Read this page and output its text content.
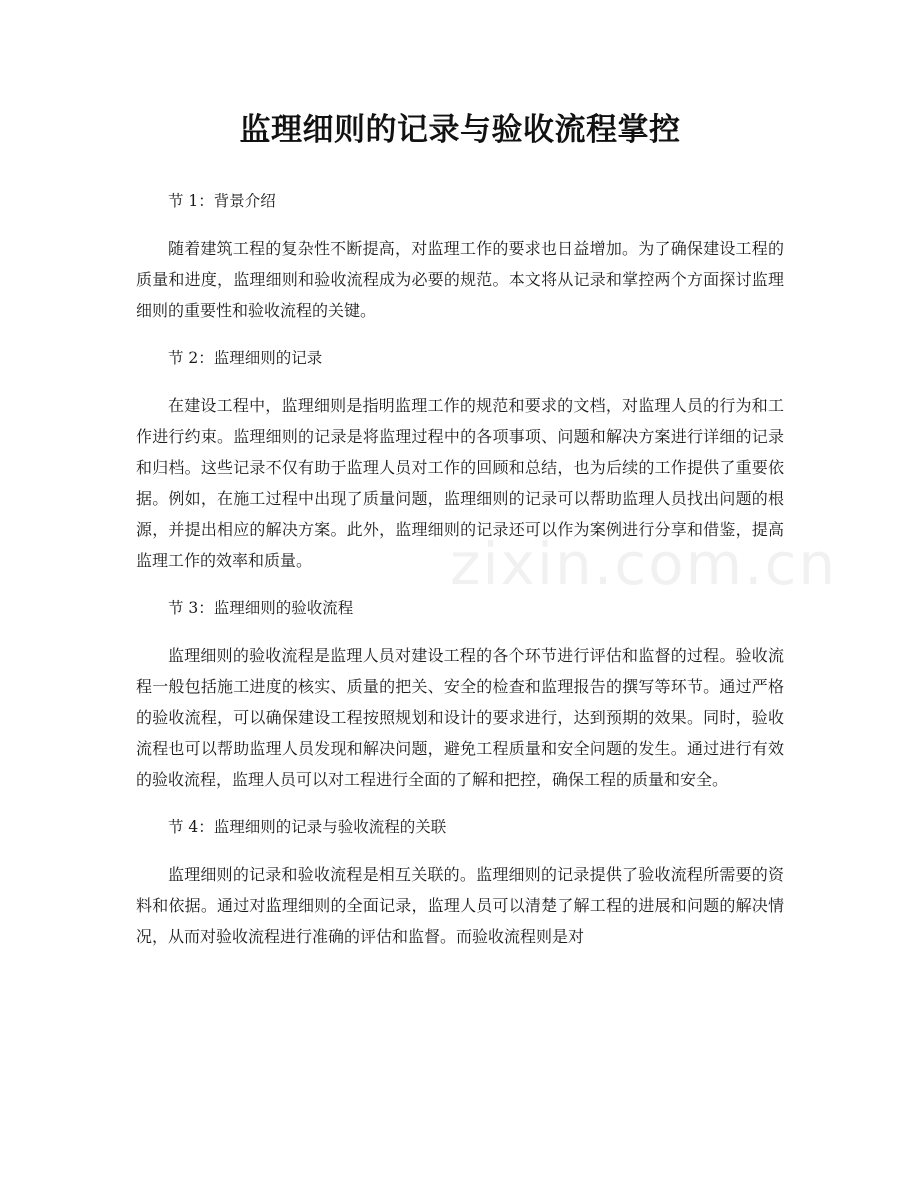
监理细则的记录与验收流程掌控

节 1：背景介绍

随着建筑工程的复杂性不断提高，对监理工作的要求也日益增加。为了确保建设工程的质量和进度，监理细则和验收流程成为必要的规范。本文将从记录和掌控两个方面探讨监理细则的重要性和验收流程的关键。

节 2：监理细则的记录

在建设工程中，监理细则是指明监理工作的规范和要求的文档，对监理人员的行为和工作进行约束。监理细则的记录是将监理过程中的各项事项、问题和解决方案进行详细的记录和归档。这些记录不仅有助于监理人员对工作的回顾和总结，也为后续的工作提供了重要依据。例如，在施工过程中出现了质量问题，监理细则的记录可以帮助监理人员找出问题的根源，并提出相应的解决方案。此外，监理细则的记录还可以作为案例进行分享和借鉴，提高监理工作的效率和质量。

节 3：监理细则的验收流程

监理细则的验收流程是监理人员对建设工程的各个环节进行评估和监督的过程。验收流程一般包括施工进度的核实、质量的把关、安全的检查和监理报告的撰写等环节。通过严格的验收流程，可以确保建设工程按照规划和设计的要求进行，达到预期的效果。同时，验收流程也可以帮助监理人员发现和解决问题，避免工程质量和安全问题的发生。通过进行有效的验收流程，监理人员可以对工程进行全面的了解和把控，确保工程的质量和安全。

节 4：监理细则的记录与验收流程的关联

监理细则的记录和验收流程是相互关联的。监理细则的记录提供了验收流程所需要的资料和依据。通过对监理细则的全面记录，监理人员可以清楚了解工程的进展和问题的解决情况，从而对验收流程进行准确的评估和监督。而验收流程则是对

zixin.com.cn
